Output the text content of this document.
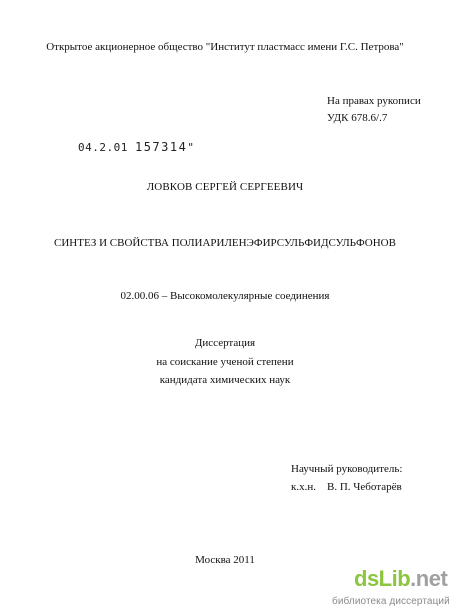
Открытое акционерное общество "Институт пластмасс имени Г.С. Петрова"
На правах рукописи
УДК 678.6/.7
04.2.01 157314"
ЛОВКОВ СЕРГЕЙ СЕРГЕЕВИЧ
СИНТЕЗ И СВОЙСТВА ПОЛИАРИЛЕНЭФИРСУЛЬФИДСУЛЬФОНОВ
02.00.06 – Высокомолекулярные соединения
Диссертация
на соискание ученой степени
кандидата химических наук
Научный руководитель:
к.х.н. В. П. Чеботарёв
Москва 2011
dsLib.net
библиотека диссертаций
